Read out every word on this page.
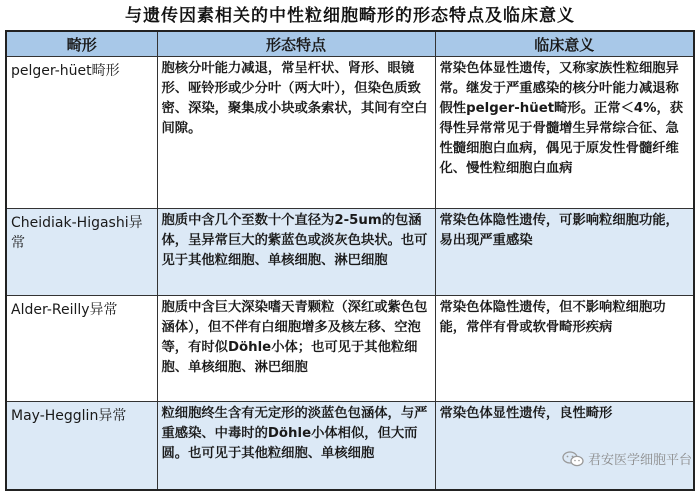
与遗传因素相关的中性粒细胞畸形的形态特点及临床意义
畸形	形态特点	临床意义
pelger-hüet畸形	胞核分叶能力减退，常呈杆状、肾形、眼镜形、哑铃形或少分叶（两大叶），但染色质致密、深染，聚集成小块或条索状，其间有空白间隙。	常染色体显性遗传，又称家族性粒细胞异常。继发于严重感染的核分叶能力减退称假性pelger-hüet畸形。正常＜4%，获得性异常常见于骨髓增生异常综合征、急性髓细胞白血病，偶见于原发性骨髓纤维化、慢性粒细胞白血病
Cheidiak-Higashi异常	胞质中含几个至数十个直径为2-5um的包涵体，呈异常巨大的紫蓝色或淡灰色块状。也可见于其他粒细胞、单核细胞、淋巴细胞	常染色体隐性遗传，可影响粒细胞功能，易出现严重感染
Alder-Reilly异常	胞质中含巨大深染嗜天青颗粒（深红或紫色包涵体），但不伴有白细胞增多及核左移、空泡等，有时似Döhle小体；也可见于其他粒细胞、单核细胞、淋巴细胞	常染色体隐性遗传，但不影响粒细胞功能，常伴有骨或软骨畸形疾病
May-Hegglin异常	粒细胞终生含有无定形的淡蓝色包涵体，与严重感染、中毒时的Döhle小体相似，但大而圆。也可见于其他粒细胞、单核细胞	常染色体显性遗传，良性畸形
君安医学细胞平台
